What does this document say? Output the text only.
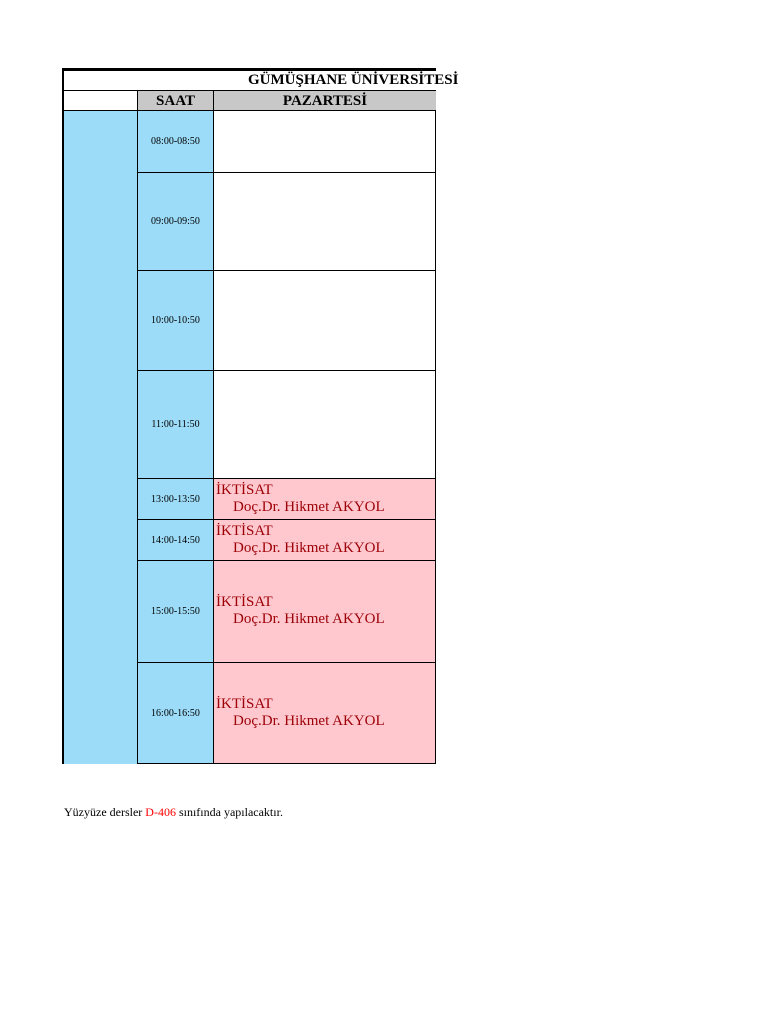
GÜMÜŞHANE ÜNİVERSİTESİ
SAAT	PAZARTESİ
08:00-08:50
09:00-09:50
10:00-10:50
11:00-11:50
13:00-13:50
İKTİSAT
Doç.Dr. Hikmet AKYOL
14:00-14:50
İKTİSAT
Doç.Dr. Hikmet AKYOL
15:00-15:50
İKTİSAT
Doç.Dr. Hikmet AKYOL
16:00-16:50
İKTİSAT
Doç.Dr. Hikmet AKYOL
Yüzyüze dersler D-406 sınıfında yapılacaktır.
